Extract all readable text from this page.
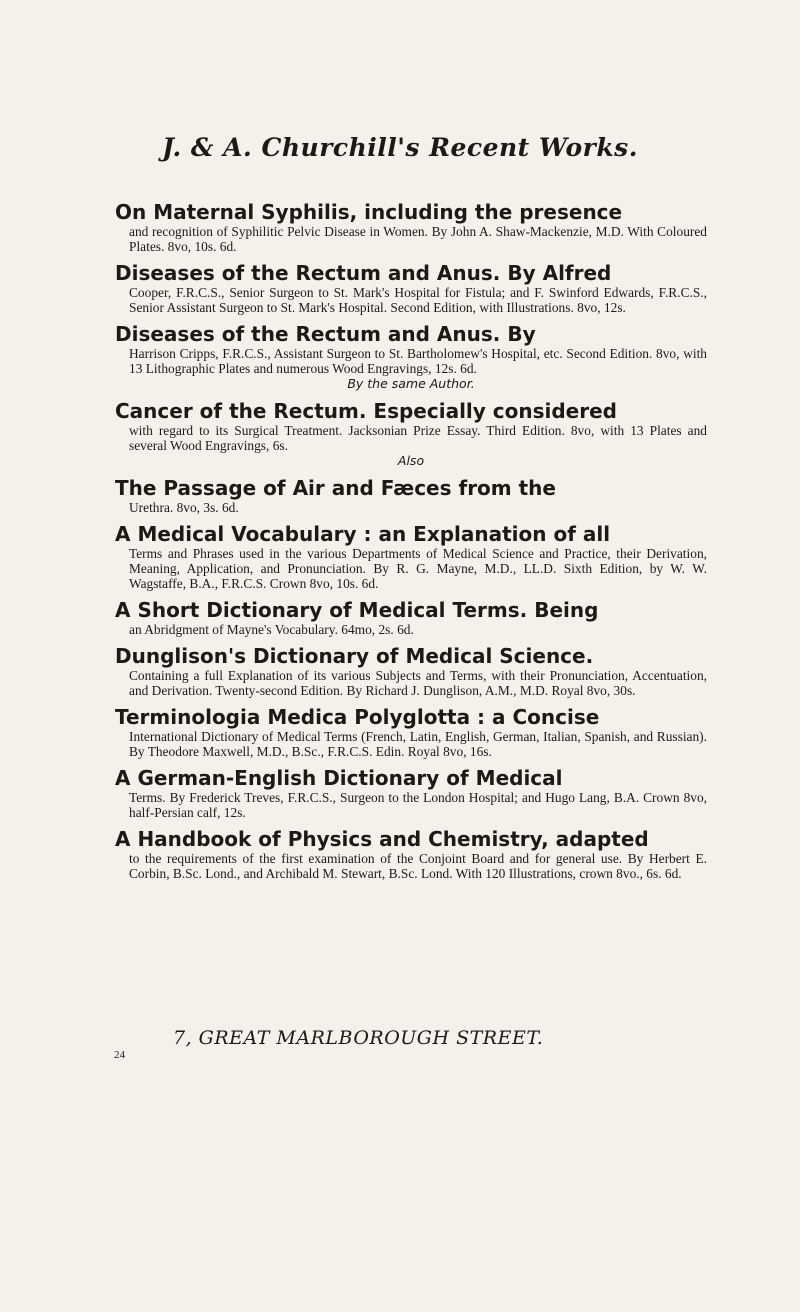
J. & A. Churchill's Recent Works.
On Maternal Syphilis, including the presence
and recognition of Syphilitic Pelvic Disease in Women. By John A. Shaw-Mackenzie, M.D. With Coloured Plates. 8vo, 10s. 6d.
Diseases of the Rectum and Anus. By Alfred
Cooper, F.R.C.S., Senior Surgeon to St. Mark's Hospital for Fistula; and F. Swinford Edwards, F.R.C.S., Senior Assistant Surgeon to St. Mark's Hospital. Second Edition, with Illustrations. 8vo, 12s.
Diseases of the Rectum and Anus. By
Harrison Cripps, F.R.C.S., Assistant Surgeon to St. Bartholomew's Hospital, etc. Second Edition. 8vo, with 13 Lithographic Plates and numerous Wood Engravings, 12s. 6d.
By the same Author.
Cancer of the Rectum. Especially considered
with regard to its Surgical Treatment. Jacksonian Prize Essay. Third Edition. 8vo, with 13 Plates and several Wood Engravings, 6s.
Also
The Passage of Air and Fæces from the
Urethra. 8vo, 3s. 6d.
A Medical Vocabulary : an Explanation of all
Terms and Phrases used in the various Departments of Medical Science and Practice, their Derivation, Meaning, Application, and Pronunciation. By R. G. Mayne, M.D., LL.D. Sixth Edition, by W. W. Wagstaffe, B.A., F.R.C.S. Crown 8vo, 10s. 6d.
A Short Dictionary of Medical Terms. Being
an Abridgment of Mayne's Vocabulary. 64mo, 2s. 6d.
Dunglison's Dictionary of Medical Science.
Containing a full Explanation of its various Subjects and Terms, with their Pronunciation, Accentuation, and Derivation. Twenty-second Edition. By Richard J. Dunglison, A.M., M.D. Royal 8vo, 30s.
Terminologia Medica Polyglotta : a Concise
International Dictionary of Medical Terms (French, Latin, English, German, Italian, Spanish, and Russian). By Theodore Maxwell, M.D., B.Sc., F.R.C.S. Edin. Royal 8vo, 16s.
A German-English Dictionary of Medical
Terms. By Frederick Treves, F.R.C.S., Surgeon to the London Hospital; and Hugo Lang, B.A. Crown 8vo, half-Persian calf, 12s.
A Handbook of Physics and Chemistry, adapted
to the requirements of the first examination of the Conjoint Board and for general use. By Herbert E. Corbin, B.Sc. Lond., and Archibald M. Stewart, B.Sc. Lond. With 120 Illustrations, crown 8vo., 6s. 6d.
7, GREAT MARLBOROUGH STREET.
24
